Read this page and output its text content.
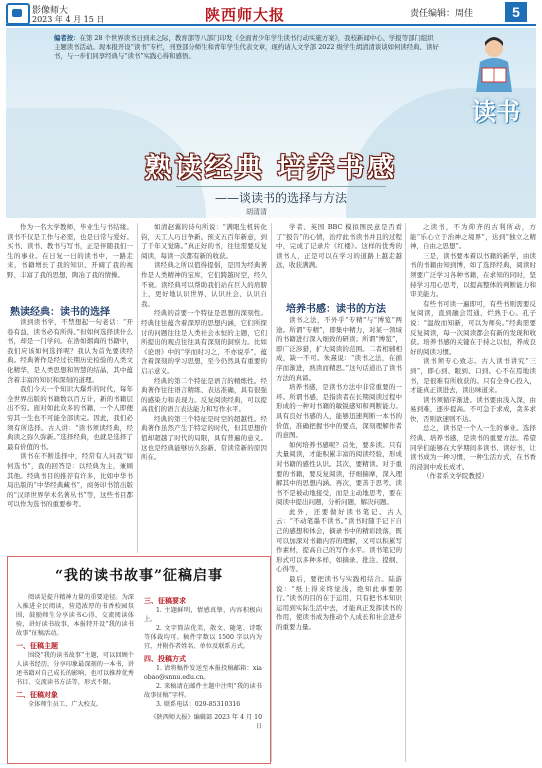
影像师大
2023 年 4 月 15 日	陕西师大报	责任编辑：周佳	5
编者按：在第 28 个世界读书日到来之际，教育部等八部门印发《全面青少年学生读书行动实施方案》，我校新闻中心、学报等部门组织主题读书活动。现本报开设“读书”专栏，刊登部分师生和青年学生代表文章，现约请人文学部 2022 级学生胡清清谈谈如何读经典、读好书，与一步们同享经典与“读书”实践心得和感悟。
读书
熟读经典 培养书感
——谈读书的选择与方法
胡清清

作为一名大学教师，毕业生与书结缘。读书不仅是工作与必需，也是日常与爱好。买书、读书、教书与写书，正是伴随我们一生的事业。在日复一日的读书中，一路走来，书籍增长了我的知识、开阔了我的视野、丰富了我的思想，陶冶了我的情操。

熟读经典：读书的选择

读到读书学，不禁想起一句老话：“开卷有益，读书必有所得。”但如何选择读什么书，却是一门学问。在浩如烟海的书籍中，我们应该如何选择呢？我认为首先要读经典。经典著作是经过长期历史检验的人类文化精华，是人类思想和智慧的结晶，其中蕴含着丰富的知识和深刻的道理。

我们今天一个知识大爆炸的时代，每年全世界出版的书籍数以百万计，新的书籍层出不穷。面对如此众多的书籍，一个人即便穷其一生也不可能全部读完。因此，我们必须有所选择。古人讲：“读书须读经典，经典读之弥久弥新。”选择经典，也就是选择了最有价值的书。

读书在不断选择中，经常有人问我“如何选书”，我的回答是：以经典为主，兼顾其他。经典书目的推荐有许多，比如中华书局出版的“中华经典藏书”，商务印书馆出版的“汉译世界学术名著丛书”等，这些书目都可以作为选书的重要参考。

如清赵翼的诗句所说：“满眼生机转化钧，天工人巧日争新。预支五百年新意，到了千年又觉陈。”真正好的书，往往需要反复阅读，每读一次都有新的收获。

读经典之所以值得提倡，是因为经典著作是人类精神的宝库，它们跨越时空，经久不衰。读经典可以帮助我们站在巨人的肩膀上，更好地认识世界、认识社会、认识自我。

经典的首要一个特征是思想的深刻性。经典往往蕴含着深厚的思想内涵，它们所探讨的问题往往是人类社会永恒的主题，它们所提出的观点往往具有深刻的洞察力。比如《论语》中的“学而时习之，不亦说乎”，蕴含着深刻的学习思想，至今仍然具有重要的启示意义。

经典的第二个特征是语言的精炼性。经典著作往往语言精练、表达准确，具有很强的感染力和表现力。反复阅读经典，可以提高我们的语言表达能力和写作水平。

经典的第三个特征是时空的超越性。经典著作虽然产生于特定的时代，但其思想价值却超越了时代的局限，具有普遍的意义。这也是经典能够历久弥新、常读常新的原因所在。

学者、英国 BBC 模拟图民意是否看了“报告”的心情，治疗此书读书并且的过程中，完成了记录片《红楼》。这样的优秀的读书人，正是可以在学习的道路上越走越远，收获满满。

培养书感：读书的方法

读书之法，不外乎“专精”与“博览”两途。所谓“专精”，即集中精力，对某一领域的书籍进行深入细致的研读；所谓“博览”，即广泛涉猎，扩大阅读的范围。二者相辅相成，缺一不可。朱熹说：“读书之法，在循序而渐进，熟读而精思。”这句话道出了读书方法的真谛。

培养书感，是读书方法中非常重要的一环。所谓书感，是指读者在长期阅读过程中形成的一种对书籍的敏锐感知和判断能力。具有良好书感的人，能够迅速判断一本书的价值，准确把握书中的要点，深刻理解作者的意图。

如何培养书感呢？首先，要多读。只有大量阅读，才能积累丰富的阅读经验，形成对书籍的感性认识。其次，要精读。对于重要的书籍，要反复阅读，仔细揣摩，深入理解其中的思想内涵。再次，要善于思考。读书不是被动地接受，而是主动地思考，要在阅读中提出问题，分析问题，解决问题。

此外，还要做好读书笔记。古人云：“不动笔墨不读书。”读书时随手记下自己的感想和体会，摘录书中的精彩段落，既可以加深对书籍内容的理解，又可以积累写作素材，提高自己的写作水平。读书笔记的形式可以多种多样，如摘录、批注、提纲、心得等。

最后，要把读书与实践相结合。陆游说：“纸上得来终觉浅，绝知此事要躬行。”读书的目的在于运用，只有把书本知识运用到实际生活中去，才能真正发挥读书的作用，使读书成为推动个人成长和社会进步的重要力量。

之读书，不为仰齐的古利所动，方能“乐心立于治神之境界”，达到“独立之精神，自由之思想”。

三是，读书要本着以书籍的新学，由读书的书籍由知到博，如了选择经典，阅读时须要广泛学习各种书籍，在求知的同时，坚持学习用心思考，以提高整体的判断能力和审美能力。

有些书可读一遍即可，有些书则需要反复阅读，直到融会贯通、烂熟于心。孔子说：“温故而知新，可以为师矣。”经典需要反复阅读，每一次阅读都会有新的发现和收获。培养书感的关键在于持之以恒，养成良好的阅读习惯。

读书须专心致志。古人读书讲究“三到”，即心到、眼到、口到。心不在焉地读书，是很难有所收获的。只有全身心投入，才能真正读进去，读出味道来。

读书须循序渐进。读书要由浅入深，由易到难，逐步提高。不可急于求成，贪多求快，否则欲速则不达。

总之，读书是一个人一生的事业。选择经典、培养书感，是读书的重要方法。希望同学们能够在大学期间多读书、读好书，让读书成为一种习惯，一种生活方式，在书香的浸润中成长成才。

（作者系文学院教授）

“我的读书故事”征稿启事

阅读是提升精神力量的重要途径。为深入推进全民阅读，营造浓厚的书香校园氛围，鼓励师生分享读书心得、交流阅读体验，讲好读书故事，本报特开设“我的读书故事”征稿活动。

一、征稿主题

围绕“我的读书故事”主题，可以回顾个人读书经历，分享印象最深刻的一本书，讲述书籍对自己成长的影响，也可以推荐优秀书目、交流读书方法等，形式不限。

二、征稿对象

全体师生员工、广大校友。

三、征稿要求

1. 主题鲜明，情感真挚，内容积极向上。

2. 文字简洁优美，散文、随笔、诗歌等体裁均可。稿件字数以 1500 字以内为宜，并附作者姓名、单位及联系方式。

四、投稿方式

1. 请将稿件发送至本报投稿邮箱：xiaobao@snnu.edu.cn。

2. 来稿请在邮件主题中注明“我的读书故事征稿”字样。

3. 联系电话：029-85310316

《陕西师大报》编辑部 2023 年 4 月 10 日
